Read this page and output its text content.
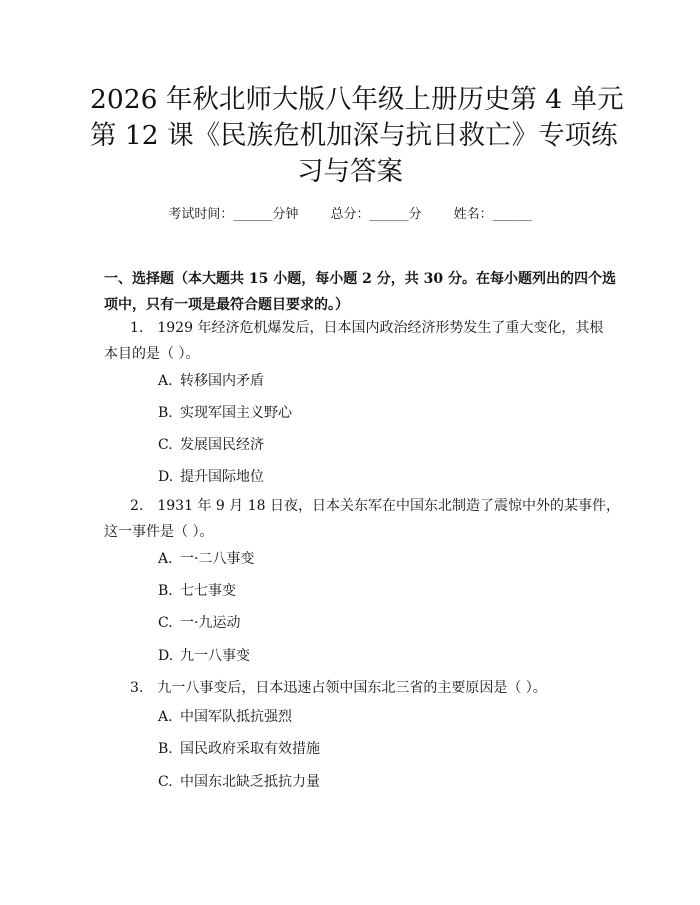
2026 年秋北师大版八年级上册历史第 4 单元
第 12 课《民族危机加深与抗日救亡》专项练
习与答案
考试时间：______分钟 总分：______分 姓名：______
一、选择题（本大题共 15 小题，每小题 2 分，共 30 分。在每小题列出的四个选
项中，只有一项是最符合题目要求的。）
1. 1929 年经济危机爆发后，日本国内政治经济形势发生了重大变化，其根
本目的是（ ）。
A. 转移国内矛盾
B. 实现军国主义野心
C. 发展国民经济
D. 提升国际地位
2. 1931 年 9 月 18 日夜，日本关东军在中国东北制造了震惊中外的某事件，
这一事件是（ ）。
A. 一·二八事变
B. 七七事变
C. 一·九运动
D. 九一八事变
3. 九一八事变后，日本迅速占领中国东北三省的主要原因是（ ）。
A. 中国军队抵抗强烈
B. 国民政府采取有效措施
C. 中国东北缺乏抵抗力量
